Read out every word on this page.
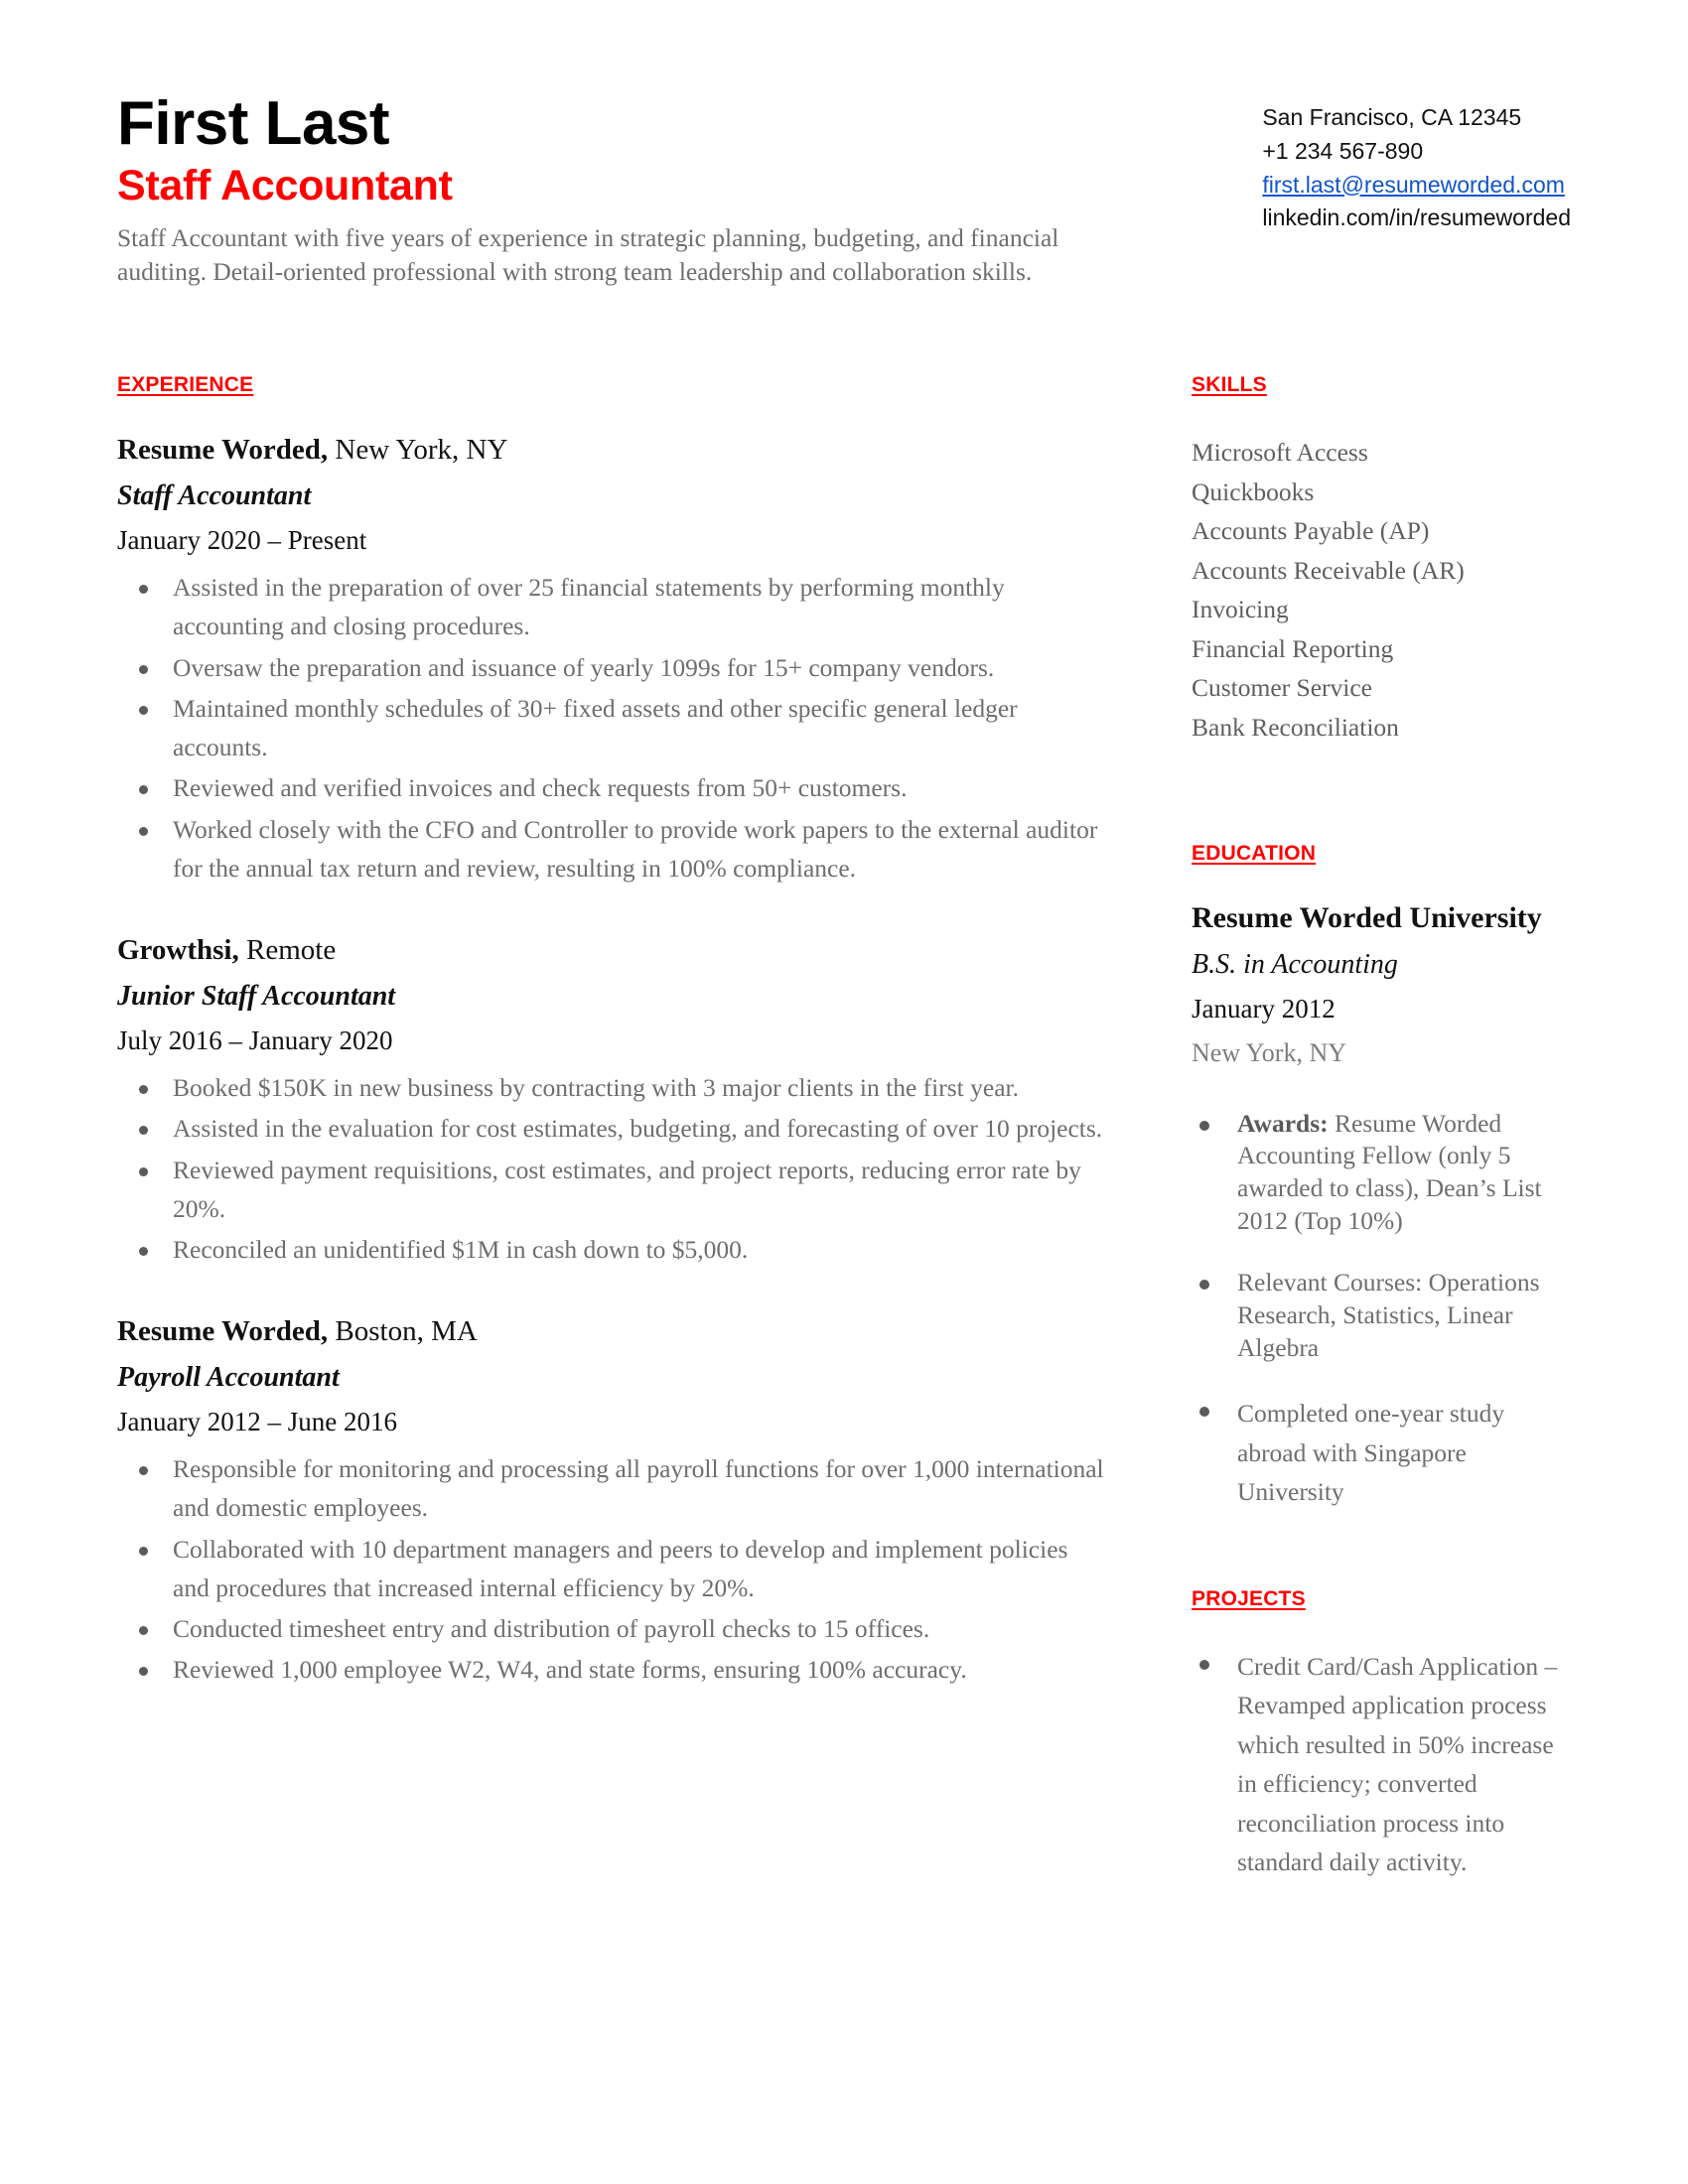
First Last
Staff Accountant

Staff Accountant with five years of experience in strategic planning, budgeting, and financial auditing. Detail-oriented professional with strong team leadership and collaboration skills.

San Francisco, CA 12345
+1 234 567-890
first.last@resumeworded.com
linkedin.com/in/resumeworded
EXPERIENCE
Resume Worded, New York, NY
Staff Accountant
January 2020 – Present
Assisted in the preparation of over 25 financial statements by performing monthly accounting and closing procedures.
Oversaw the preparation and issuance of yearly 1099s for 15+ company vendors.
Maintained monthly schedules of 30+ fixed assets and other specific general ledger accounts.
Reviewed and verified invoices and check requests from 50+ customers.
Worked closely with the CFO and Controller to provide work papers to the external auditor for the annual tax return and review, resulting in 100% compliance.
Growthsi, Remote
Junior Staff Accountant
July 2016 – January 2020
Booked $150K in new business by contracting with 3 major clients in the first year.
Assisted in the evaluation for cost estimates, budgeting, and forecasting of over 10 projects.
Reviewed payment requisitions, cost estimates, and project reports, reducing error rate by 20%.
Reconciled an unidentified $1M in cash down to $5,000.
Resume Worded, Boston, MA
Payroll Accountant
January 2012 – June 2016
Responsible for monitoring and processing all payroll functions for over 1,000 international and domestic employees.
Collaborated with 10 department managers and peers to develop and implement policies and procedures that increased internal efficiency by 20%.
Conducted timesheet entry and distribution of payroll checks to 15 offices.
Reviewed 1,000 employee W2, W4, and state forms, ensuring 100% accuracy.
SKILLS
Microsoft Access
Quickbooks
Accounts Payable (AP)
Accounts Receivable (AR)
Invoicing
Financial Reporting
Customer Service
Bank Reconciliation
EDUCATION
Resume Worded University
B.S. in Accounting
January 2012
New York, NY
Awards: Resume Worded Accounting Fellow (only 5 awarded to class), Dean’s List 2012 (Top 10%)
Relevant Courses: Operations Research, Statistics, Linear Algebra
Completed one-year study abroad with Singapore University
PROJECTS
Credit Card/Cash Application – Revamped application process which resulted in 50% increase in efficiency; converted reconciliation process into standard daily activity.
